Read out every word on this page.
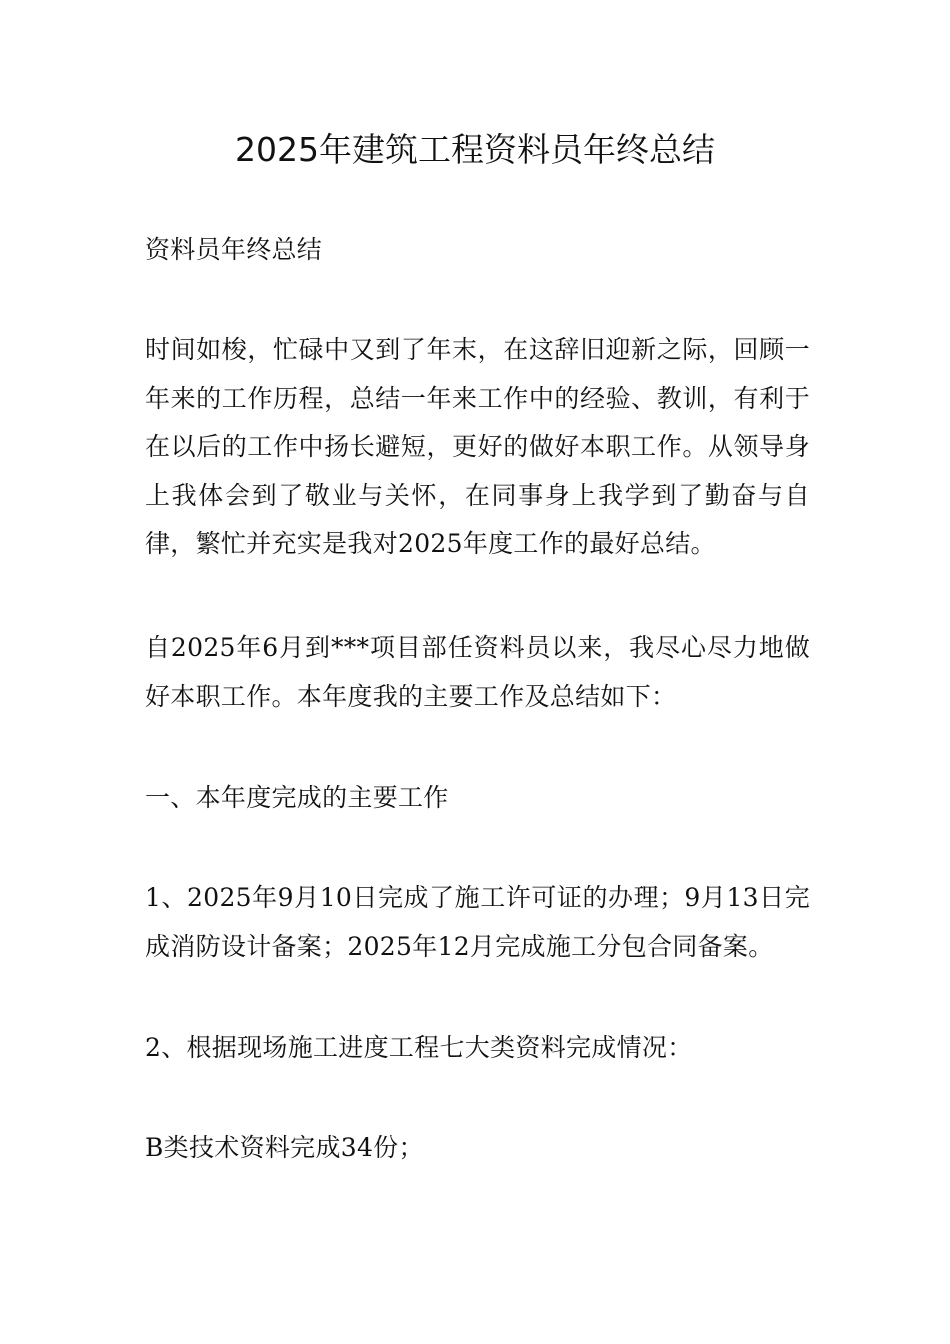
2025年建筑工程资料员年终总结

资料员年终总结

时间如梭，忙碌中又到了年末，在这辞旧迎新之际，回顾一年来的工作历程，总结一年来工作中的经验、教训，有利于在以后的工作中扬长避短，更好的做好本职工作。从领导身上我体会到了敬业与关怀，在同事身上我学到了勤奋与自律，繁忙并充实是我对2025年度工作的最好总结。

自2025年6月到***项目部任资料员以来，我尽心尽力地做好本职工作。本年度我的主要工作及总结如下：

一、本年度完成的主要工作

1、2025年9月10日完成了施工许可证的办理；9月13日完成消防设计备案；2025年12月完成施工分包合同备案。

2、根据现场施工进度工程七大类资料完成情况：

B类技术资料完成34份；
